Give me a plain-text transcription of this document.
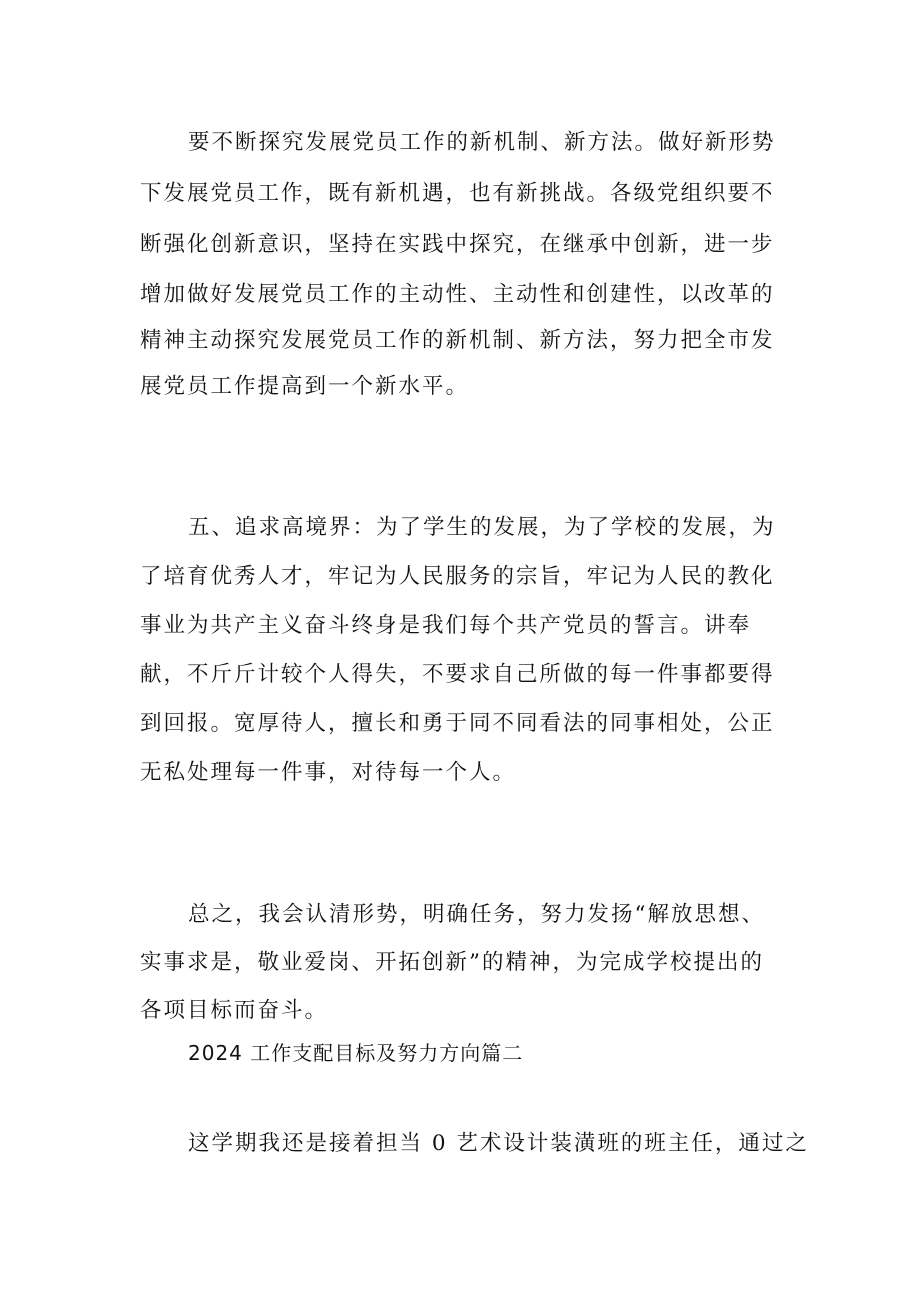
要不断探究发展党员工作的新机制、新方法。做好新形势
下发展党员工作，既有新机遇，也有新挑战。各级党组织要不
断强化创新意识，坚持在实践中探究，在继承中创新，进一步
增加做好发展党员工作的主动性、主动性和创建性，以改革的
精神主动探究发展党员工作的新机制、新方法，努力把全市发
展党员工作提高到一个新水平。
五、追求高境界：为了学生的发展，为了学校的发展，为
了培育优秀人才，牢记为人民服务的宗旨，牢记为人民的教化
事业为共产主义奋斗终身是我们每个共产党员的誓言。讲奉
献，不斤斤计较个人得失，不要求自己所做的每一件事都要得
到回报。宽厚待人，擅长和勇于同不同看法的同事相处，公正
无私处理每一件事，对待每一个人。
总之，我会认清形势，明确任务，努力发扬“解放思想、
实事求是，敬业爱岗、开拓创新”的精神，为完成学校提出的
各项目标而奋斗。
2024 工作支配目标及努力方向篇二
这学期我还是接着担当 0 艺术设计装潢班的班主任，通过之
